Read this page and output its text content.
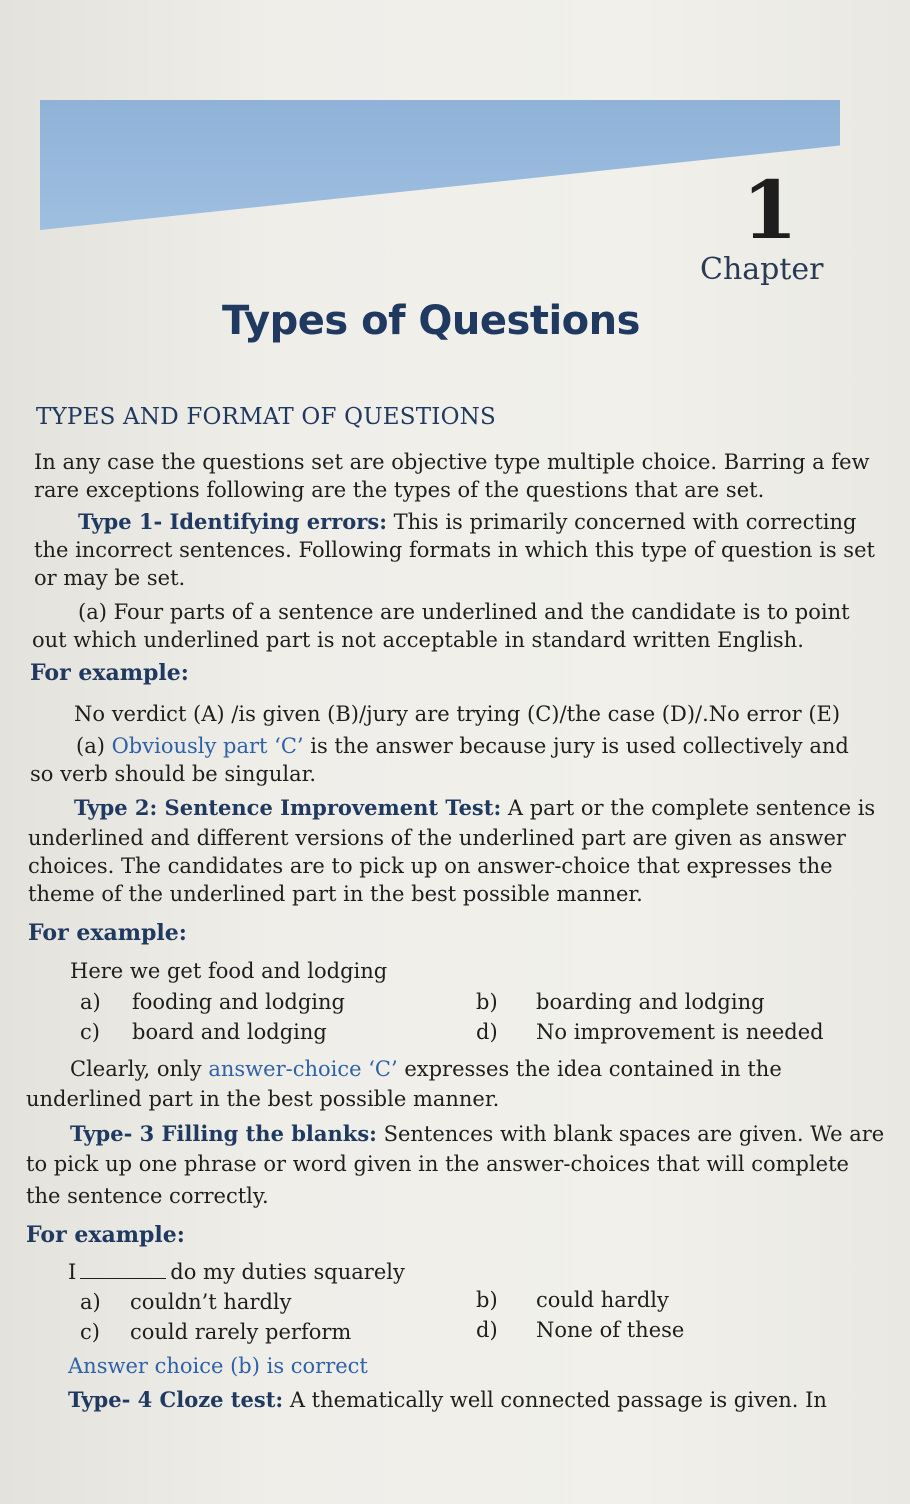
1
Chapter
Types of Questions
TYPES AND FORMAT OF QUESTIONS

In any case the questions set are objective type multiple choice. Barring a few

rare exceptions following are the types of the questions that are set.

Type 1- Identifying errors: This is primarily concerned with correcting

the incorrect sentences. Following formats in which this type of question is set

or may be set.

(a) Four parts of a sentence are underlined and the candidate is to point

out which underlined part is not acceptable in standard written English.

For example:

No verdict (A) /is given (B)/jury are trying (C)/the case (D)/.No error (E)

(a) Obviously part ‘C’ is the answer because jury is used collectively and

so verb should be singular.

Type 2: Sentence Improvement Test: A part or the complete sentence is

underlined and different versions of the underlined part are given as answer

choices. The candidates are to pick up on answer-choice that expresses the

theme of the underlined part in the best possible manner.

For example:

Here we get food and lodging

a) fooding and lodging	b) boarding and lodging
c) board and lodging	d) No improvement is needed

Clearly, only answer-choice ‘C’ expresses the idea contained in the

underlined part in the best possible manner.

Type- 3 Filling the blanks: Sentences with blank spaces are given. We are

to pick up one phrase or word given in the answer-choices that will complete

the sentence correctly.

For example:

I	do my duties squarely

a) couldn’t hardly	b) could hardly
c) could rarely perform	d) None of these

Answer choice (b) is correct

Type- 4 Cloze test: A thematically well connected passage is given. In
